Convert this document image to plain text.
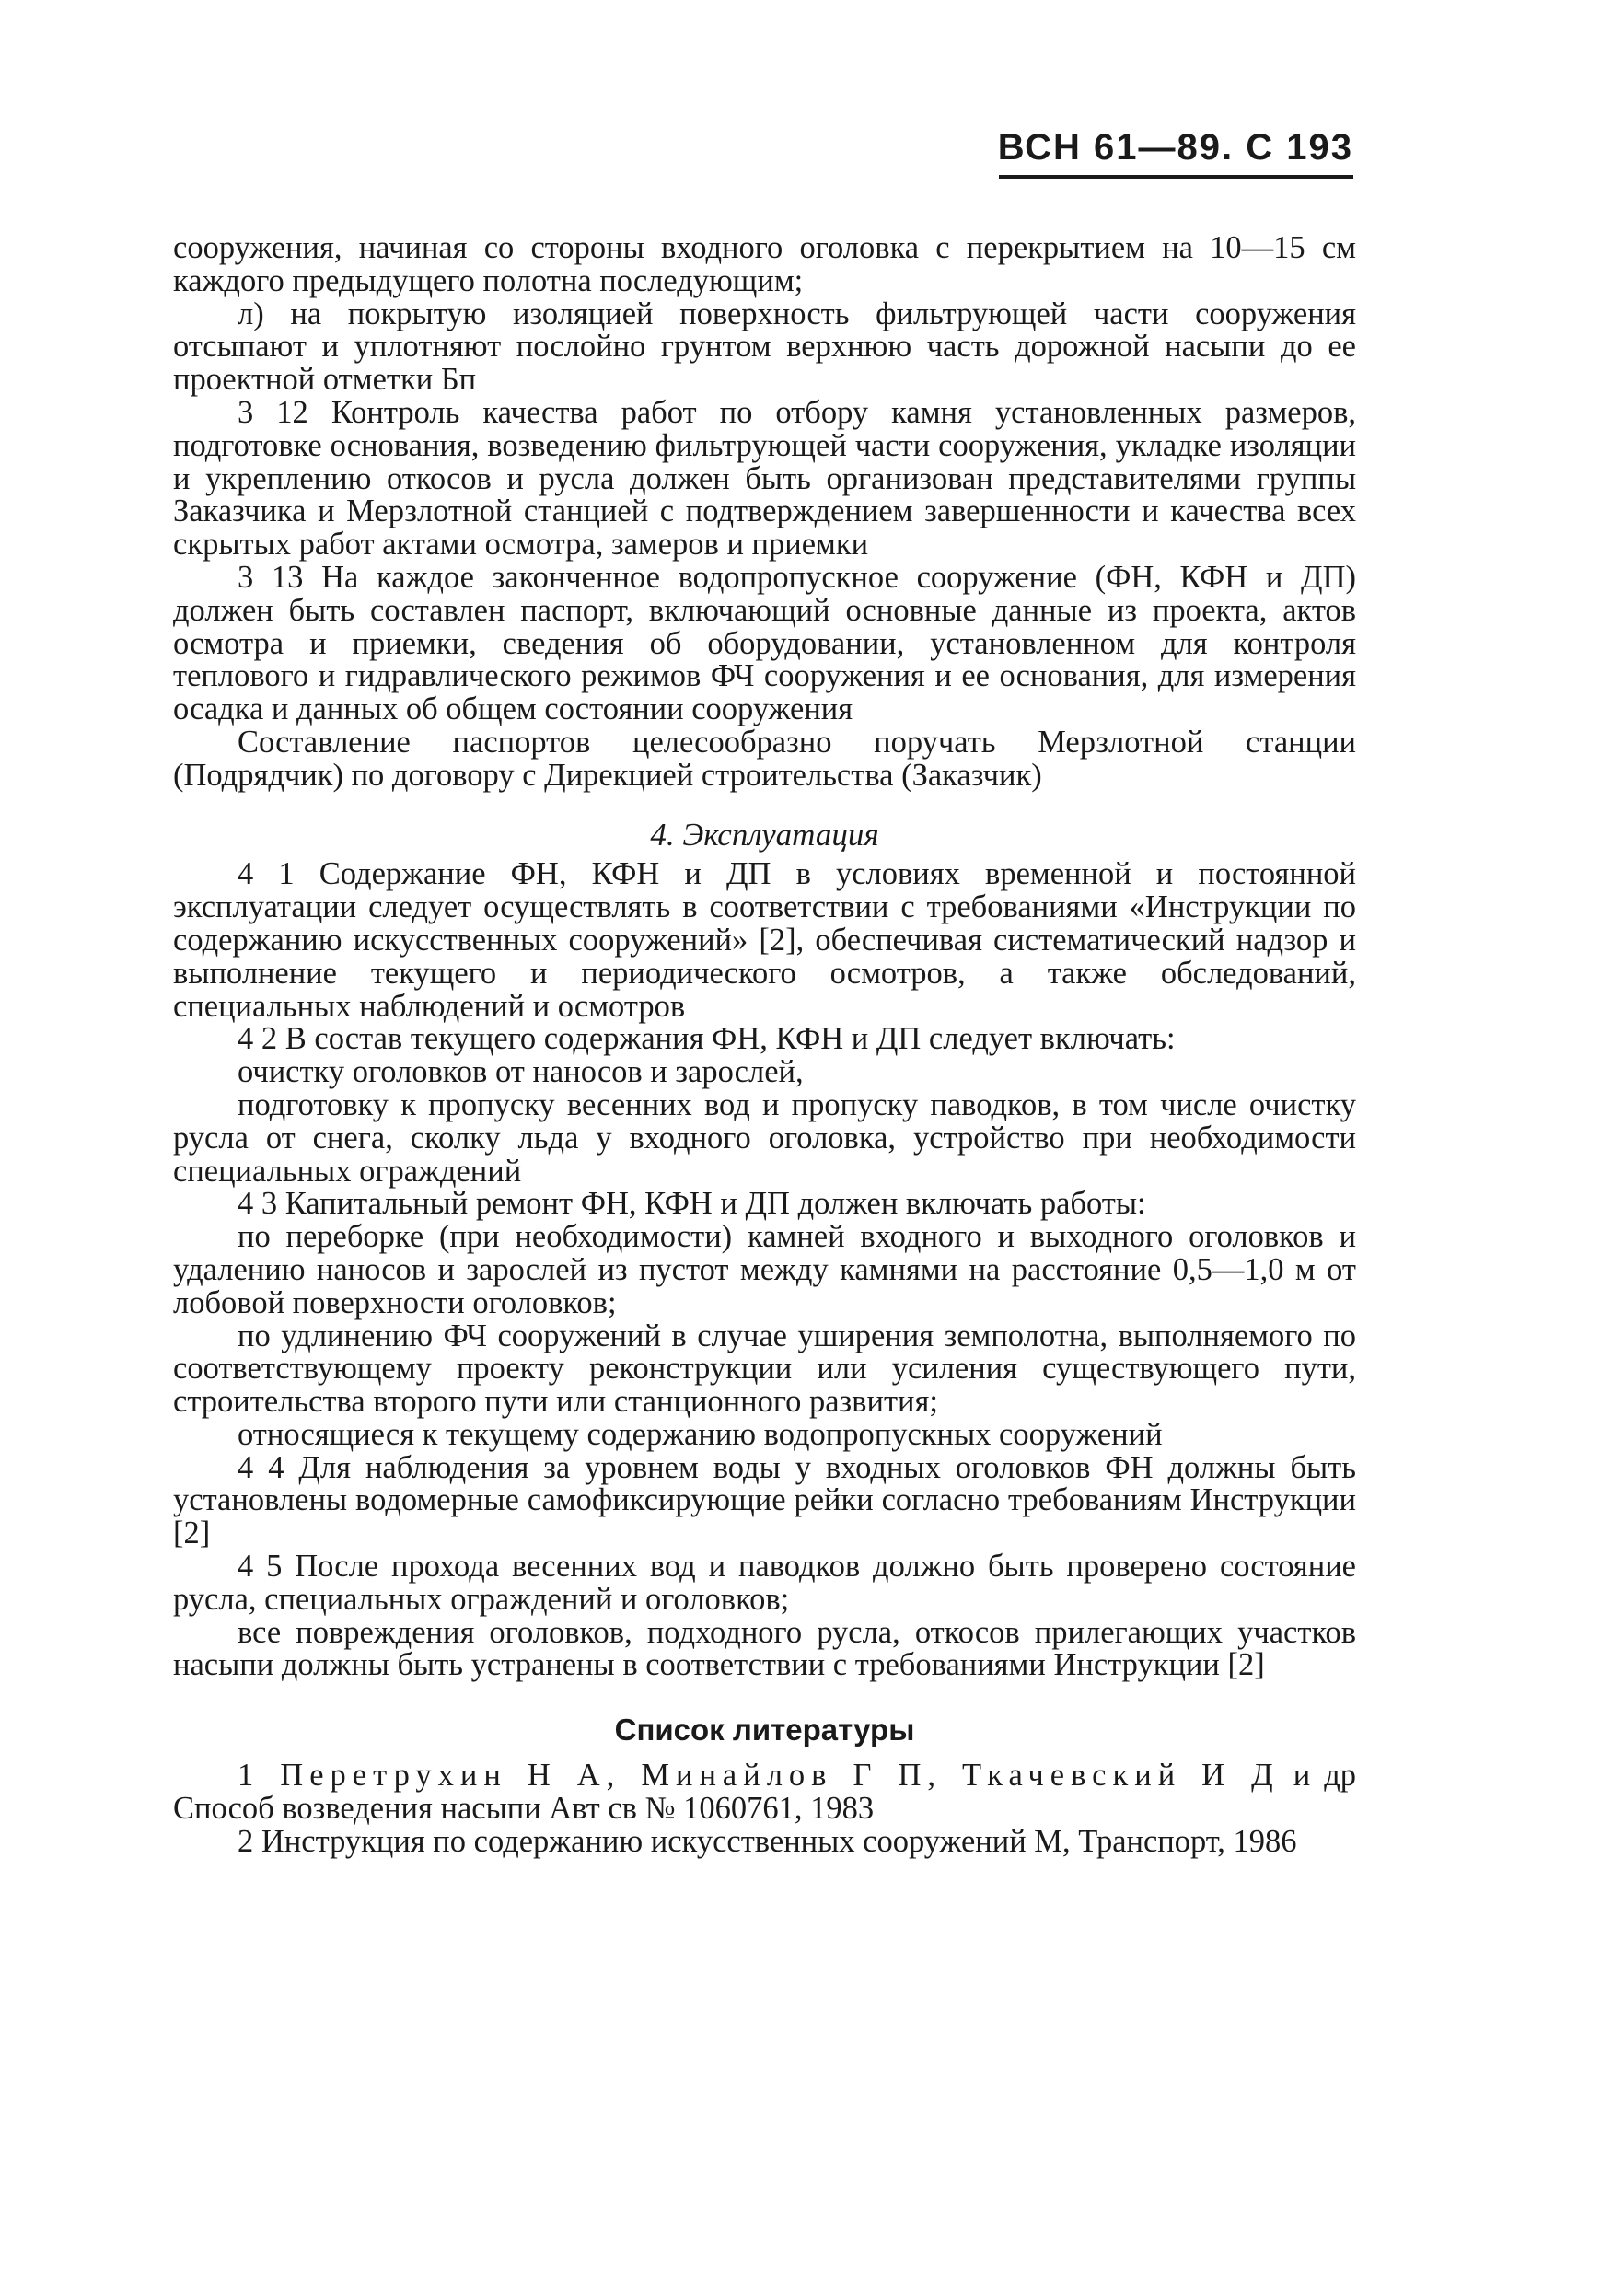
ВСН 61—89. С 193

сооружения, начиная со стороны входного оголовка с перекрытием на 10—15 см каждого предыдущего полотна последующим;

л) на покрытую изоляцией поверхность фильтрующей части сооружения отсыпают и уплотняют послойно грунтом верхнюю часть дорожной насыпи до ее проектной отметки Бп

3 12 Контроль качества работ по отбору камня установленных размеров, подготовке основания, возведению фильтрующей части сооружения, укладке изоляции и укреплению откосов и русла должен быть организован представителями группы Заказчика и Мерзлотной станцией с подтверждением завершенности и качества всех скрытых работ актами осмотра, замеров и приемки

3 13 На каждое законченное водопропускное сооружение (ФН, КФН и ДП) должен быть составлен паспорт, включающий основные данные из проекта, актов осмотра и приемки, сведения об оборудовании, установленном для контроля теплового и гидравлического режимов ФЧ сооружения и ее основания, для измерения осадка и данных об общем состоянии сооружения

Составление паспортов целесообразно поручать Мерзлотной станции (Подрядчик) по договору с Дирекцией строительства (Заказчик)

4. Эксплуатация

4 1 Содержание ФН, КФН и ДП в условиях временной и постоянной эксплуатации следует осуществлять в соответствии с требованиями «Инструкции по содержанию искусственных сооружений» [2], обеспечивая систематический надзор и выполнение текущего и периодического осмотров, а также обследований, специальных наблюдений и осмотров

4 2 В состав текущего содержания ФН, КФН и ДП следует включать:

очистку оголовков от наносов и зарослей,

подготовку к пропуску весенних вод и пропуску паводков, в том числе очистку русла от снега, сколку льда у входного оголовка, устройство при необходимости специальных ограждений

4 3 Капитальный ремонт ФН, КФН и ДП должен включать работы:

по переборке (при необходимости) камней входного и выходного оголовков и удалению наносов и зарослей из пустот между камнями на расстояние 0,5—1,0 м от лобовой поверхности оголовков;

по удлинению ФЧ сооружений в случае уширения земполотна, выполняемого по соответствующему проекту реконструкции или усиления существующего пути, строительства второго пути или станционного развития;

относящиеся к текущему содержанию водопропускных сооружений

4 4 Для наблюдения за уровнем воды у входных оголовков ФН должны быть установлены водомерные самофиксирующие рейки согласно требованиям Инструкции [2]

4 5 После прохода весенних вод и паводков должно быть проверено состояние русла, специальных ограждений и оголовков;

все повреждения оголовков, подходного русла, откосов прилегающих участков насыпи должны быть устранены в соответствии с требованиями Инструкции [2]

Список литературы

1 Перетрухин Н А, Минайлов Г П, Ткачевский И Д и др Способ возведения насыпи Авт св № 1060761, 1983

2 Инструкция по содержанию искусственных сооружений М, Транспорт, 1986
